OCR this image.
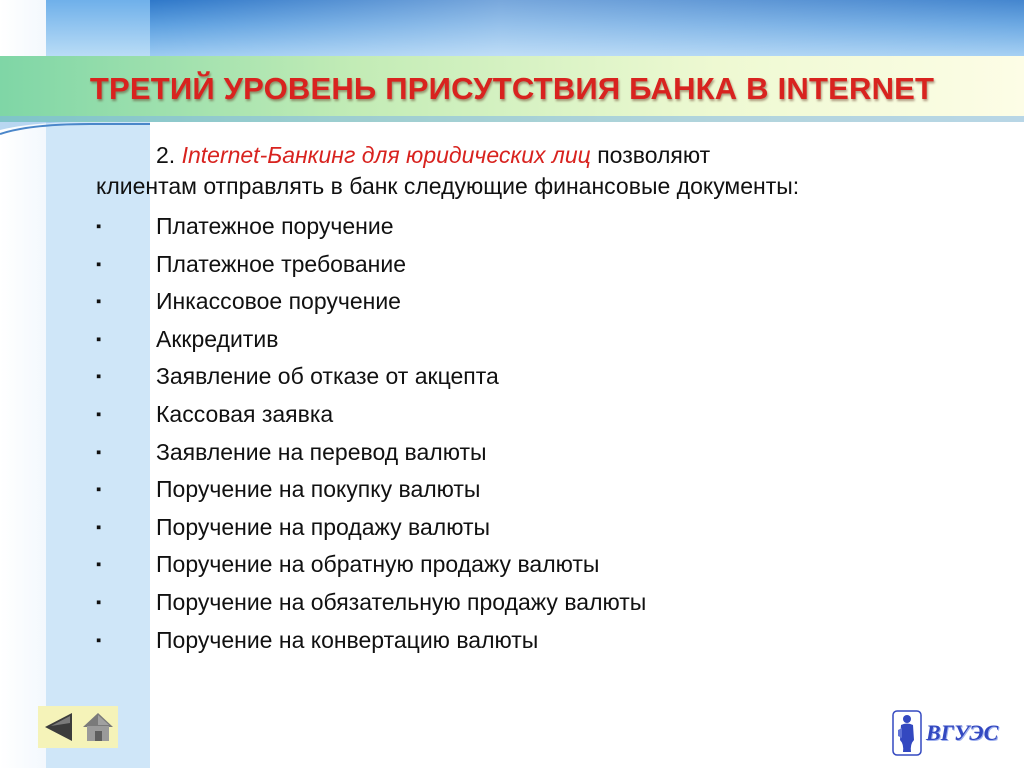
ТРЕТИЙ УРОВЕНЬ ПРИСУТСТВИЯ БАНКА В INTERNET
2. Internet-Банкинг для юридических лиц позволяют
клиентам отправлять в банк следующие финансовые документы:
▪	Платежное поручение
▪	Платежное требование
▪	Инкассовое поручение
▪	Аккредитив
▪	Заявление об отказе от акцепта
▪	Кассовая заявка
▪	Заявление на перевод валюты
▪	Поручение на покупку валюты
▪	Поручение на продажу валюты
▪	Поручение на обратную продажу валюты
▪	Поручение на обязательную продажу валюты
▪	Поручение на конвертацию валюты
ВГУЭС
